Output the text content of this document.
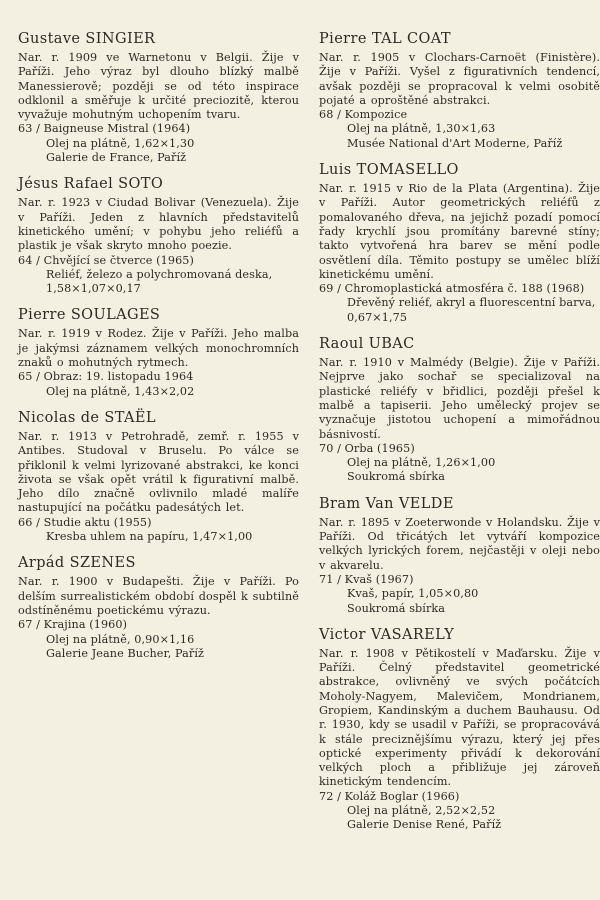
Gustave SINGIER

Nar. r. 1909 ve Warnetonu v Belgii. Žije v Paříži. Jeho výraz byl dlouho blízký malbě Manessierově; později se od této inspirace odklonil a směřuje k určité preciozitě, kterou vyvažuje mohutným uchopením tvaru.

63 / Baigneuse Mistral (1964)

Olej na plátně, 1,62×1,30

Galerie de France, Paříž

Jésus Rafael SOTO

Nar. r. 1923 v Ciudad Bolivar (Venezuela). Žije v Paříži. Jeden z hlavních představitelů kinetického umění; v pohybu jeho reliéfů a plastik je však skryto mnoho poezie.

64 / Chvějící se čtverce (1965)

Reliéf, železo a polychromovaná deska,

1,58×1,07×0,17

Pierre SOULAGES

Nar. r. 1919 v Rodez. Žije v Paříži. Jeho malba je jakýmsi záznamem velkých monochromních znaků o mohutných rytmech.

65 / Obraz: 19. listopadu 1964

Olej na plátně, 1,43×2,02

Nicolas de STAËL

Nar. r. 1913 v Petrohradě, zemř. r. 1955 v Antibes. Studoval v Bruselu. Po válce se přiklonil k velmi lyrizované abstrakci, ke konci života se však opět vrátil k figurativní malbě. Jeho dílo značně ovlivnilo mladé malíře nastupující na počátku padesátých let.

66 / Studie aktu (1955)

Kresba uhlem na papíru, 1,47×1,00

Arpád SZENES

Nar. r. 1900 v Budapešti. Žije v Paříži. Po delším surrealistickém období dospěl k subtilně odstíněnému poetickému výrazu.

67 / Krajina (1960)

Olej na plátně, 0,90×1,16

Galerie Jeane Bucher, Paříž

Pierre TAL COAT

Nar. r. 1905 v Clochars-Carnoët (Finistère). Žije v Paříži. Vyšel z figurativních tendencí, avšak později se propracoval k velmi osobitě pojaté a oproštěné abstrakci.

68 / Kompozice

Olej na plátně, 1,30×1,63

Musée National d'Art Moderne, Paříž

Luis TOMASELLO

Nar. r. 1915 v Rio de la Plata (Argentina). Žije v Paříži. Autor geometrických reliéfů z pomalovaného dřeva, na jejichž pozadí pomocí řady krychlí jsou promítány barevné stíny; takto vytvořená hra barev se mění podle osvětlení díla. Těmito postupy se umělec blíží kinetickému umění.

69 / Chromoplastická atmosféra č. 188 (1968)

Dřevěný reliéf, akryl a fluorescentní barva,

0,67×1,75

Raoul UBAC

Nar. r. 1910 v Malmédy (Belgie). Žije v Paříži. Nejprve jako sochař se specializoval na plastické reliéfy v břidlici, později přešel k malbě a tapiserii. Jeho umělecký projev se vyznačuje jistotou uchopení a mimořádnou básnivostí.

70 / Orba (1965)

Olej na plátně, 1,26×1,00

Soukromá sbírka

Bram Van VELDE

Nar. r. 1895 v Zoeterwonde v Holandsku. Žije v Paříži. Od třicátých let vytváří kompozice velkých lyrických forem, nejčastěji v oleji nebo v akvarelu.

71 / Kvaš (1967)

Kvaš, papír, 1,05×0,80

Soukromá sbírka

Victor VASARELY

Nar. r. 1908 v Pětikostelí v Maďarsku. Žije v Paříži. Čelný představitel geometrické abstrakce, ovlivněný ve svých počátcích Moholy-Nagyem, Malevičem, Mondrianem, Gropiem, Kandinským a duchem Bauhausu. Od r. 1930, kdy se usadil v Paříži, se propracovává k stále preciznějšímu výrazu, který jej přes optické experimenty přivádí k dekorování velkých ploch a přibližuje jej zároveň kinetickým tendencím.

72 / Koláž Boglar (1966)

Olej na plátně, 2,52×2,52

Galerie Denise René, Paříž
